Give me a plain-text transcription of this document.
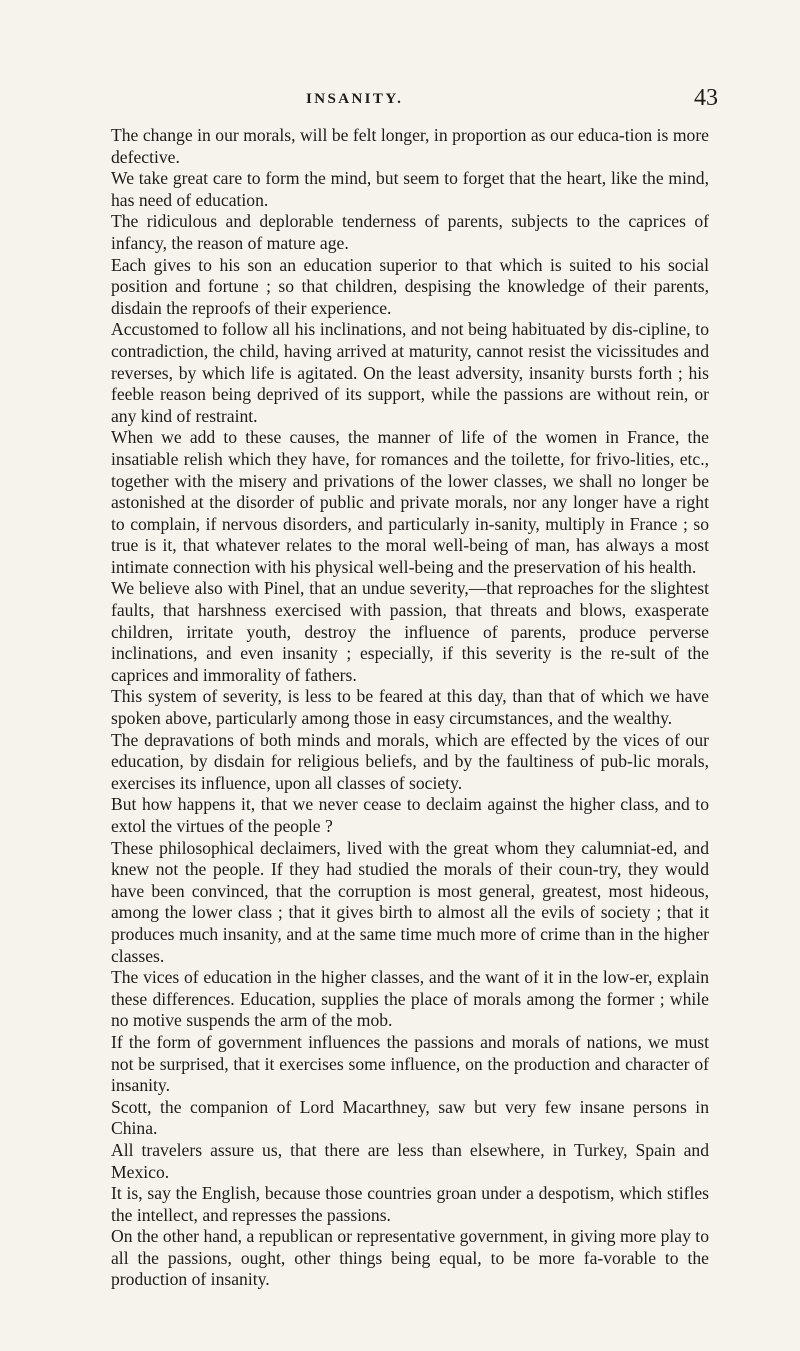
INSANITY.	43

The change in our morals, will be felt longer, in proportion as our educa-tion is more defective.

We take great care to form the mind, but seem to forget that the heart, like the mind, has need of education.

The ridiculous and deplorable tenderness of parents, subjects to the caprices of infancy, the reason of mature age.

Each gives to his son an education superior to that which is suited to his social position and fortune ; so that children, despising the knowledge of their parents, disdain the reproofs of their experience.

Accustomed to follow all his inclinations, and not being habituated by dis-cipline, to contradiction, the child, having arrived at maturity, cannot resist the vicissitudes and reverses, by which life is agitated. On the least adversity, insanity bursts forth ; his feeble reason being deprived of its support, while the passions are without rein, or any kind of restraint.

When we add to these causes, the manner of life of the women in France, the insatiable relish which they have, for romances and the toilette, for frivo-lities, etc., together with the misery and privations of the lower classes, we shall no longer be astonished at the disorder of public and private morals, nor any longer have a right to complain, if nervous disorders, and particularly in-sanity, multiply in France ; so true is it, that whatever relates to the moral well-being of man, has always a most intimate connection with his physical well-being and the preservation of his health.

We believe also with Pinel, that an undue severity,—that reproaches for the slightest faults, that harshness exercised with passion, that threats and blows, exasperate children, irritate youth, destroy the influence of parents, produce perverse inclinations, and even insanity ; especially, if this severity is the re-sult of the caprices and immorality of fathers.

This system of severity, is less to be feared at this day, than that of which we have spoken above, particularly among those in easy circumstances, and the wealthy.

The depravations of both minds and morals, which are effected by the vices of our education, by disdain for religious beliefs, and by the faultiness of pub-lic morals, exercises its influence, upon all classes of society.

But how happens it, that we never cease to declaim against the higher class, and to extol the virtues of the people ?

These philosophical declaimers, lived with the great whom they calumniat-ed, and knew not the people. If they had studied the morals of their coun-try, they would have been convinced, that the corruption is most general, greatest, most hideous, among the lower class ; that it gives birth to almost all the evils of society ; that it produces much insanity, and at the same time much more of crime than in the higher classes.

The vices of education in the higher classes, and the want of it in the low-er, explain these differences. Education, supplies the place of morals among the former ; while no motive suspends the arm of the mob.

If the form of government influences the passions and morals of nations, we must not be surprised, that it exercises some influence, on the production and character of insanity.

Scott, the companion of Lord Macarthney, saw but very few insane persons in China.

All travelers assure us, that there are less than elsewhere, in Turkey, Spain and Mexico.

It is, say the English, because those countries groan under a despotism, which stifles the intellect, and represses the passions.

On the other hand, a republican or representative government, in giving more play to all the passions, ought, other things being equal, to be more fa-vorable to the production of insanity.
